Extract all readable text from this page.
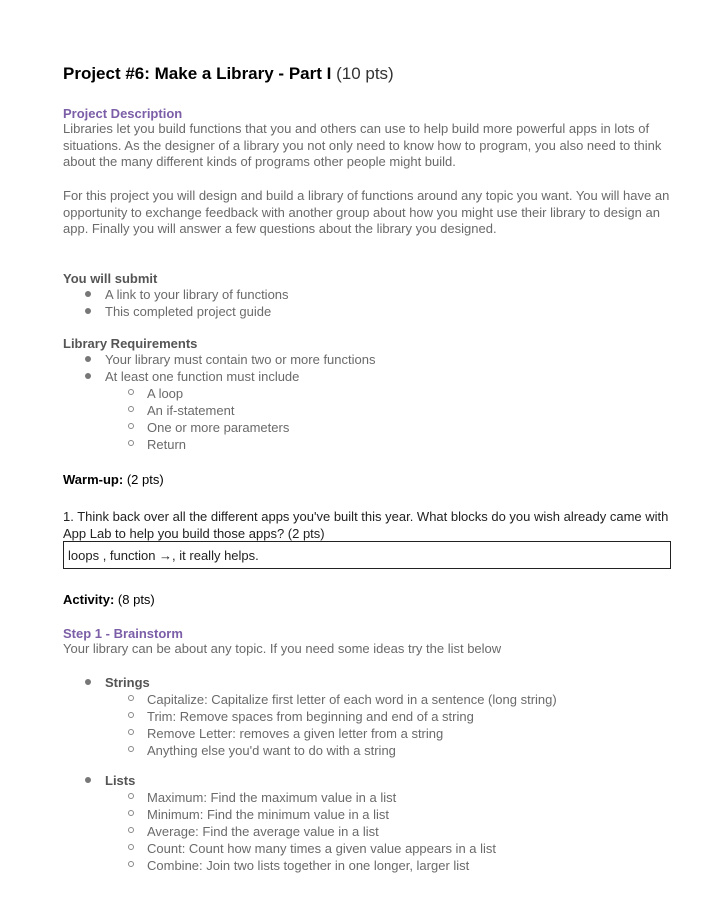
Project #6: Make a Library - Part I (10 pts)
Project Description
Libraries let you build functions that you and others can use to help build more powerful apps in lots of situations. As the designer of a library you not only need to know how to program, you also need to think about the many different kinds of programs other people might build.
For this project you will design and build a library of functions around any topic you want. You will have an opportunity to exchange feedback with another group about how you might use their library to design an app. Finally you will answer a few questions about the library you designed.
You will submit
A link to your library of functions
This completed project guide
Library Requirements
Your library must contain two or more functions
At least one function must include
A loop
An if-statement
One or more parameters
Return
Warm-up: (2 pts)
1. Think back over all the different apps you've built this year. What blocks do you wish already came with App Lab to help you build those apps? (2 pts)
loops , function →, it really helps.
Activity: (8 pts)
Step 1 - Brainstorm
Your library can be about any topic. If you need some ideas try the list below
Strings
Capitalize: Capitalize first letter of each word in a sentence (long string)
Trim: Remove spaces from beginning and end of a string
Remove Letter: removes a given letter from a string
Anything else you'd want to do with a string
Lists
Maximum: Find the maximum value in a list
Minimum: Find the minimum value in a list
Average: Find the average value in a list
Count: Count how many times a given value appears in a list
Combine: Join two lists together in one longer, larger list
